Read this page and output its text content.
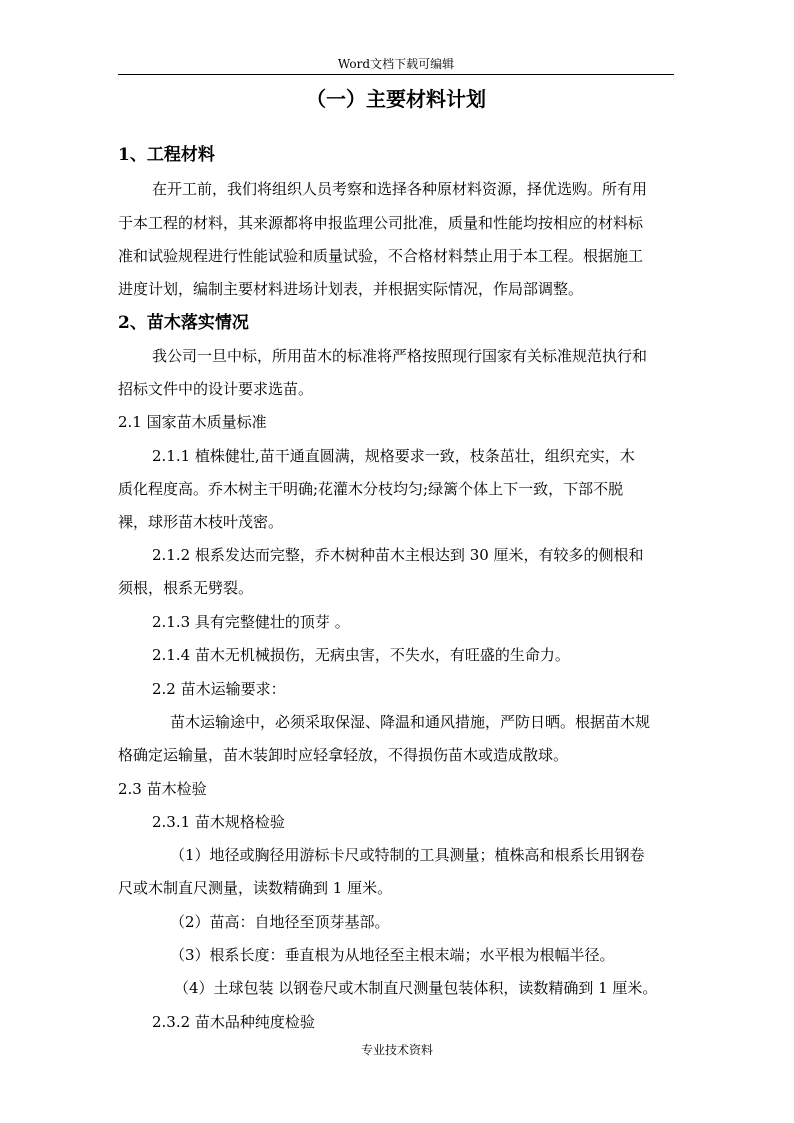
Word文档下载可编辑
（一）主要材料计划
1、工程材料
在开工前，我们将组织人员考察和选择各种原材料资源，择优选购。所有用
于本工程的材料，其来源都将申报监理公司批准，质量和性能均按相应的材料标
准和试验规程进行性能试验和质量试验，不合格材料禁止用于本工程。根据施工
进度计划，编制主要材料进场计划表，并根据实际情况，作局部调整。
2、苗木落实情况
我公司一旦中标，所用苗木的标准将严格按照现行国家有关标准规范执行和
招标文件中的设计要求选苗。
2.1 国家苗木质量标准
2.1.1 植株健壮,苗干通直圆满，规格要求一致，枝条茁壮，组织充实，木
质化程度高。乔木树主干明确;花灌木分枝均匀;绿篱个体上下一致，下部不脱
裸，球形苗木枝叶茂密。
2.1.2 根系发达而完整，乔木树种苗木主根达到 30 厘米，有较多的侧根和
须根，根系无劈裂。
2.1.3 具有完整健壮的顶芽 。
2.1.4 苗木无机械损伤，无病虫害，不失水，有旺盛的生命力。
2.2 苗木运输要求：
苗木运输途中，必须采取保湿、降温和通风措施，严防日晒。根据苗木规
格确定运输量，苗木装卸时应轻拿轻放，不得损伤苗木或造成散球。
2.3 苗木检验
2.3.1 苗木规格检验
（1）地径或胸径用游标卡尺或特制的工具测量；植株高和根系长用钢卷
尺或木制直尺测量，读数精确到 1 厘米。
（2）苗高：自地径至顶芽基部。
（3）根系长度：垂直根为从地径至主根末端；水平根为根幅半径。
（4）土球包装 以钢卷尺或木制直尺测量包装体积，读数精确到 1 厘米。
2.3.2 苗木品种纯度检验
专业技术资料
